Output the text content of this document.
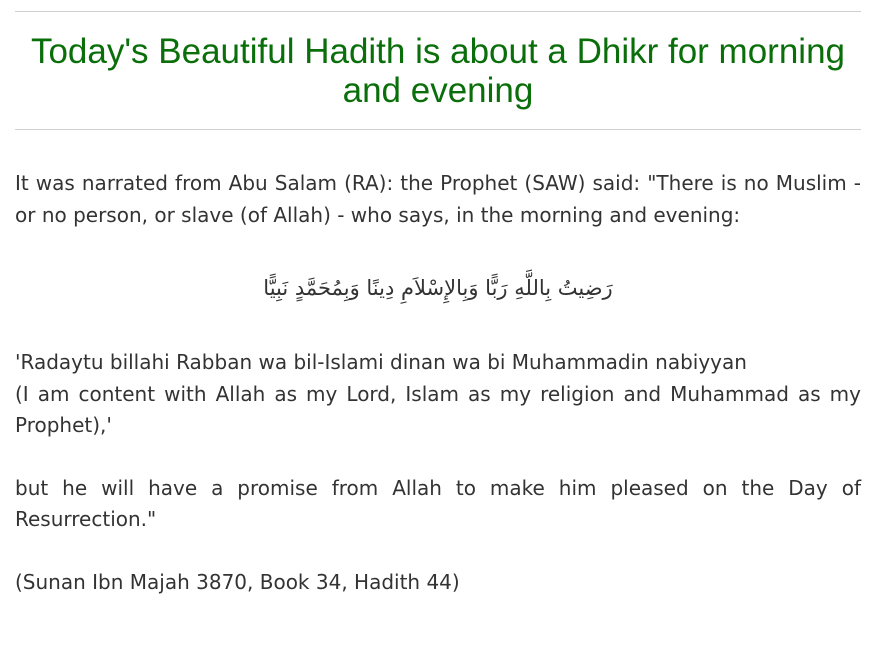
Today's Beautiful Hadith is about a Dhikr for morning and evening

It was narrated from Abu Salam (RA): the Prophet (SAW) said: "There is no Muslim - or no person, or slave (of Allah) - who says, in the morning and evening:

رَضِيتُ بِاللَّهِ رَبًّا وَبِالإِسْلاَمِ دِينًا وَبِمُحَمَّدٍ نَبِيًّا

'Radaytu billahi Rabban wa bil-Islami dinan wa bi Muhammadin nabiyyan
(I am content with Allah as my Lord, Islam as my religion and Muhammad as my Prophet),'

but he will have a promise from Allah to make him pleased on the Day of Resurrection."

(Sunan Ibn Majah 3870, Book 34, Hadith 44)
